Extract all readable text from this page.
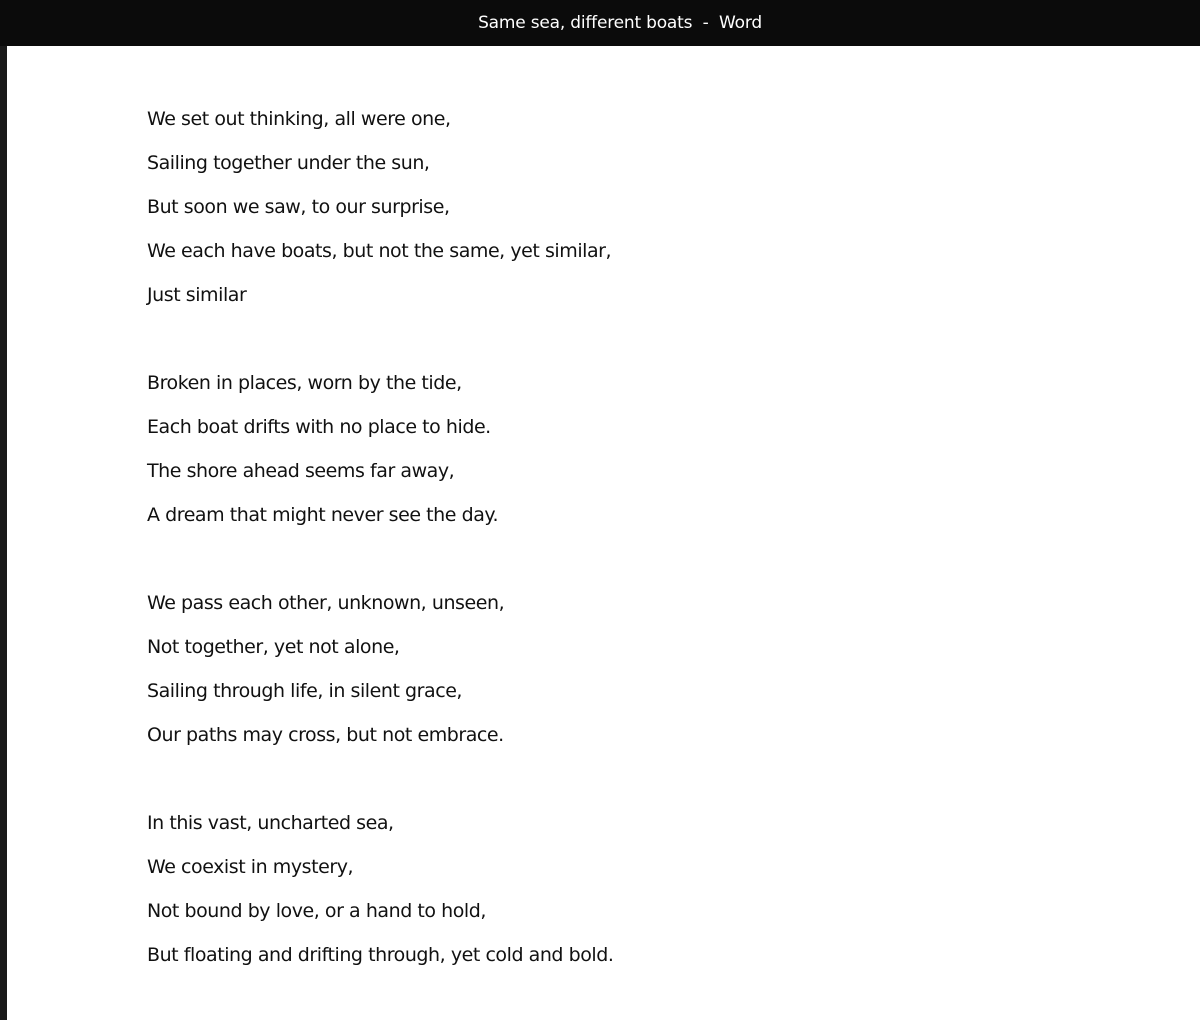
Same sea, different boats  -  Word
We set out thinking, all were one,
Sailing together under the sun,
But soon we saw, to our surprise,
We each have boats, but not the same, yet similar,
Just similar
Broken in places, worn by the tide,
Each boat drifts with no place to hide.
The shore ahead seems far away,
A dream that might never see the day.
We pass each other, unknown, unseen,
Not together, yet not alone,
Sailing through life, in silent grace,
Our paths may cross, but not embrace.
In this vast, uncharted sea,
We coexist in mystery,
Not bound by love, or a hand to hold,
But floating and drifting through, yet cold and bold.
